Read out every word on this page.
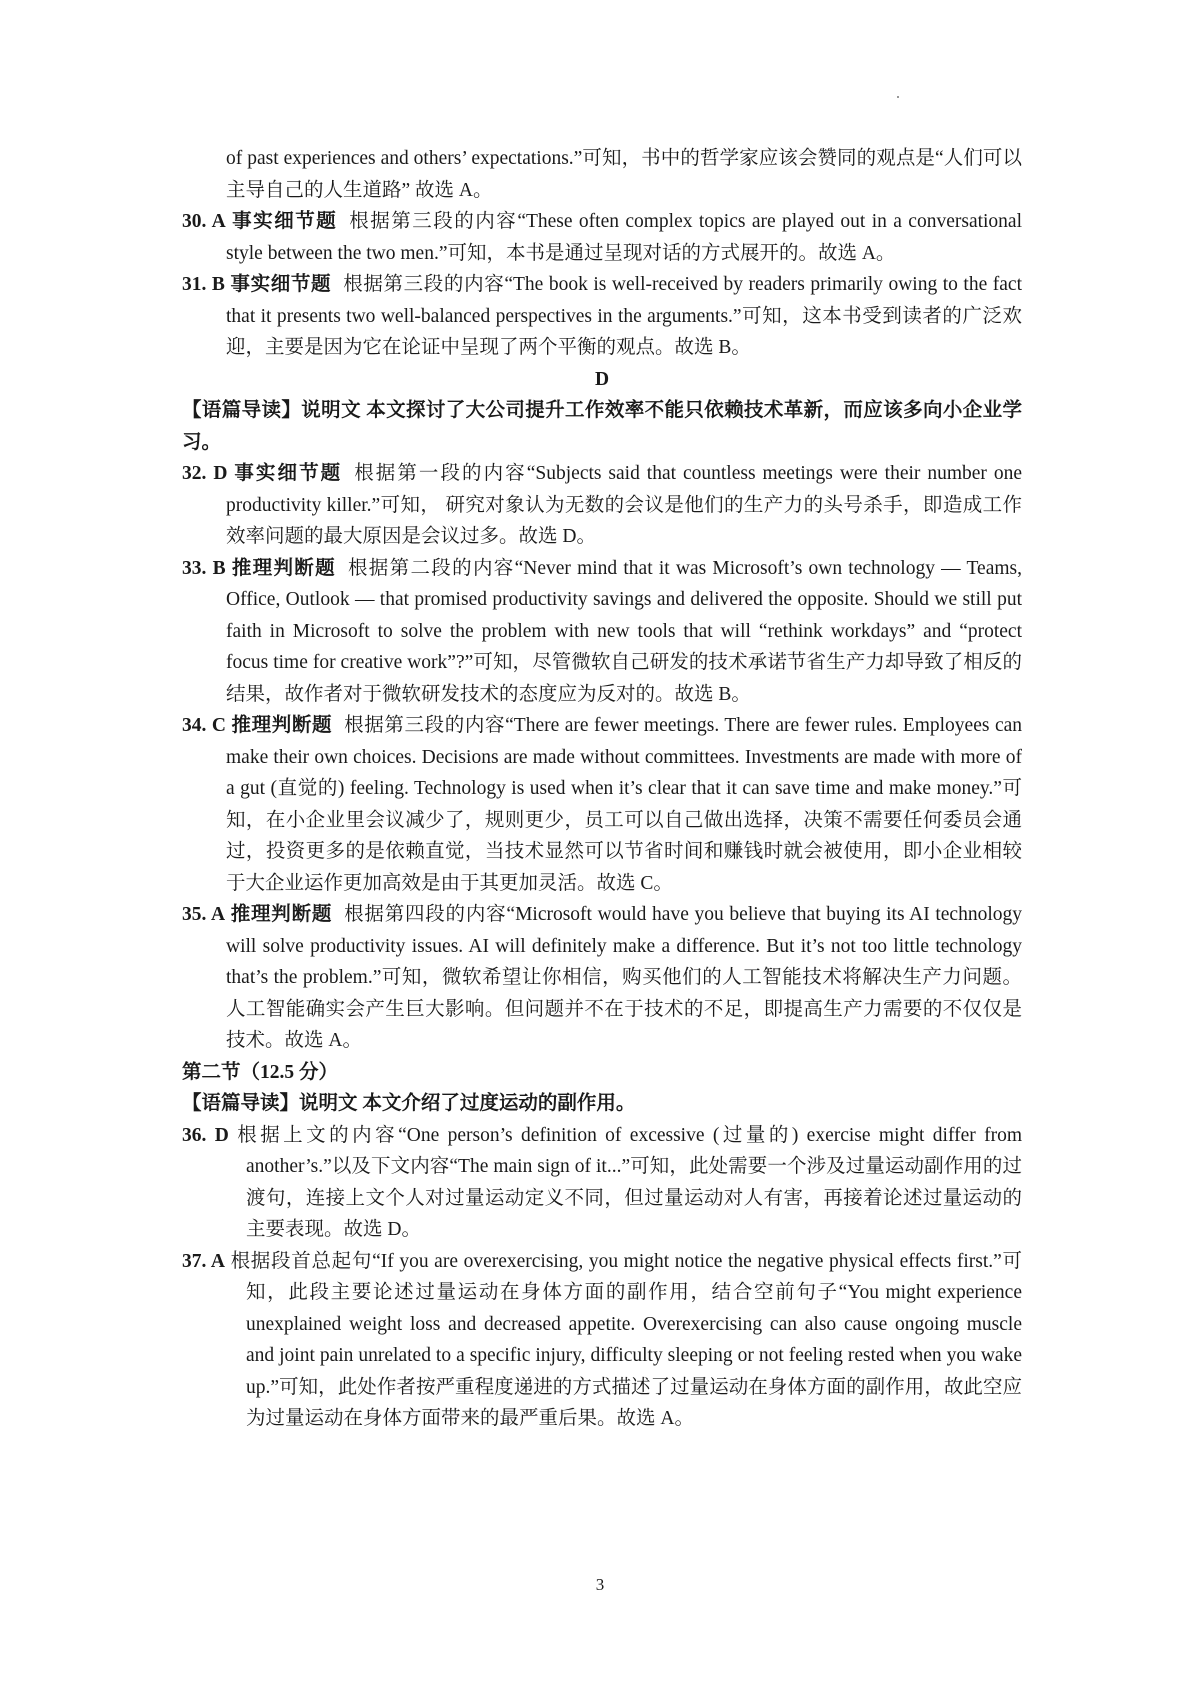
of past experiences and others’ expectations.”可知，书中的哲学家应该会赞同的观点是“人们可以主导自己的人生道路” 故选 A。

30. A 事实细节题 根据第三段的内容“These often complex topics are played out in a conversational style between the two men.”可知，本书是通过呈现对话的方式展开的。故选 A。

31. B 事实细节题 根据第三段的内容“The book is well-received by readers primarily owing to the fact that it presents two well-balanced perspectives in the arguments.”可知，这本书受到读者的广泛欢迎，主要是因为它在论证中呈现了两个平衡的观点。故选 B。

D

【语篇导读】说明文 本文探讨了大公司提升工作效率不能只依赖技术革新，而应该多向小企业学习。

32. D 事实细节题 根据第一段的内容“Subjects said that countless meetings were their number one productivity killer.”可知， 研究对象认为无数的会议是他们的生产力的头号杀手，即造成工作效率问题的最大原因是会议过多。故选 D。

33. B 推理判断题 根据第二段的内容“Never mind that it was Microsoft’s own technology — Teams, Office, Outlook — that promised productivity savings and delivered the opposite. Should we still put faith in Microsoft to solve the problem with new tools that will “rethink workdays” and “protect focus time for creative work”?”可知，尽管微软自己研发的技术承诺节省生产力却导致了相反的结果，故作者对于微软研发技术的态度应为反对的。故选 B。

34. C 推理判断题 根据第三段的内容“There are fewer meetings. There are fewer rules. Employees can make their own choices. Decisions are made without committees. Investments are made with more of a gut (直觉的) feeling. Technology is used when it’s clear that it can save time and make money.”可知，在小企业里会议减少了，规则更少，员工可以自己做出选择，决策不需要任何委员会通过，投资更多的是依赖直觉，当技术显然可以节省时间和赚钱时就会被使用，即小企业相较于大企业运作更加高效是由于其更加灵活。故选 C。

35. A 推理判断题 根据第四段的内容“Microsoft would have you believe that buying its AI technology will solve productivity issues. AI will definitely make a difference. But it’s not too little technology that’s the problem.”可知，微软希望让你相信，购买他们的人工智能技术将解决生产力问题。人工智能确实会产生巨大影响。但问题并不在于技术的不足，即提高生产力需要的不仅仅是技术。故选 A。

第二节（12.5 分）

【语篇导读】说明文 本文介绍了过度运动的副作用。

36. D 根据上文的内容“One person’s definition of excessive (过量的) exercise might differ from another’s.”以及下文内容“The main sign of it...”可知，此处需要一个涉及过量运动副作用的过渡句，连接上文个人对过量运动定义不同，但过量运动对人有害，再接着论述过量运动的主要表现。故选 D。

37. A 根据段首总起句“If you are overexercising, you might notice the negative physical effects first.”可知，此段主要论述过量运动在身体方面的副作用，结合空前句子“You might experience unexplained weight loss and decreased appetite. Overexercising can also cause ongoing muscle and joint pain unrelated to a specific injury, difficulty sleeping or not feeling rested when you wake up.”可知，此处作者按严重程度递进的方式描述了过量运动在身体方面的副作用，故此空应为过量运动在身体方面带来的最严重后果。故选 A。

3
